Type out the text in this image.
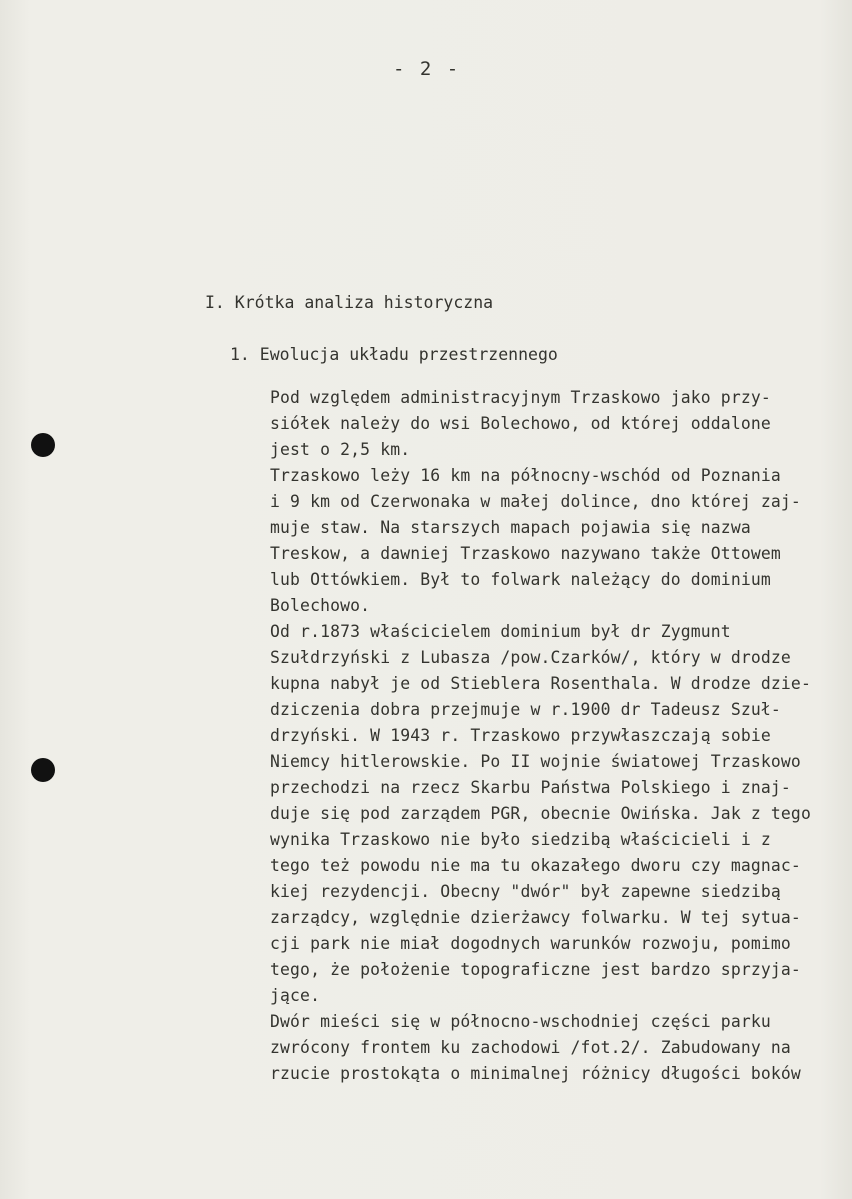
- 2 -
I. Krótka analiza historyczna
1. Ewolucja układu przestrzennego
Pod względem administracyjnym Trzaskowo jako przy-
siółek należy do wsi Bolechowo, od której oddalone
jest o 2,5 km.
Trzaskowo leży 16 km na północny-wschód od Poznania
i 9 km od Czerwonaka w małej dolince, dno której zaj-
muje staw. Na starszych mapach pojawia się nazwa
Treskow, a dawniej Trzaskowo nazywano także Ottowem
lub Ottówkiem. Był to folwark należący do dominium
Bolechowo.
Od r.1873 właścicielem dominium był dr Zygmunt
Szułdrzyński z Lubasza /pow.Czarków/, który w drodze
kupna nabył je od Stieblera Rosenthala. W drodze dzie-
dziczenia dobra przejmuje w r.1900 dr Tadeusz Szuł-
drzyński. W 1943 r. Trzaskowo przywłaszczają sobie
Niemcy hitlerowskie. Po II wojnie światowej Trzaskowo
przechodzi na rzecz Skarbu Państwa Polskiego i znaj-
duje się pod zarządem PGR, obecnie Owińska. Jak z tego
wynika Trzaskowo nie było siedzibą właścicieli i z
tego też powodu nie ma tu okazałego dworu czy magnac-
kiej rezydencji. Obecny "dwór" był zapewne siedzibą
zarządcy, względnie dzierżawcy folwarku. W tej sytua-
cji park nie miał dogodnych warunków rozwoju, pomimo
tego, że położenie topograficzne jest bardzo sprzyja-
jące.
Dwór mieści się w północno-wschodniej części parku
zwrócony frontem ku zachodowi /fot.2/. Zabudowany na
rzucie prostokąta o minimalnej różnicy długości boków
